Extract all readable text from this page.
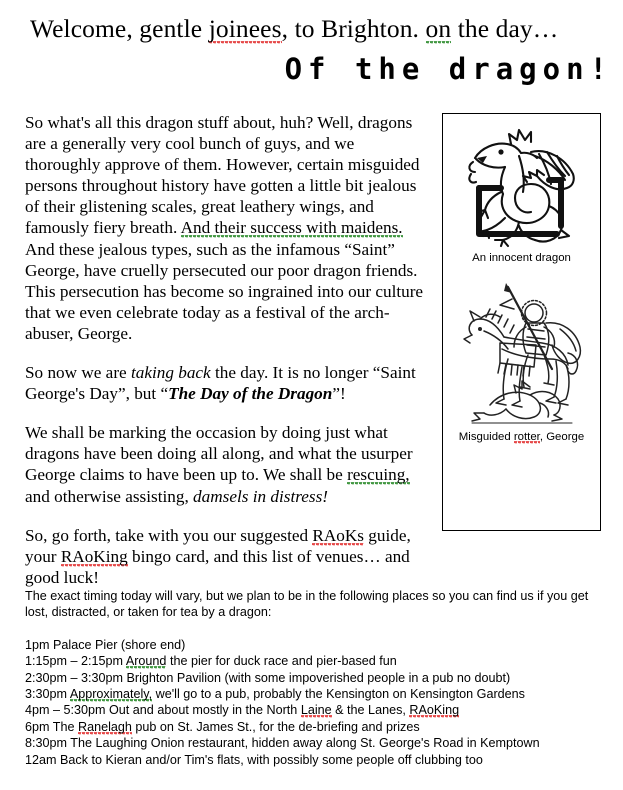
Welcome, gentle joinees, to Brighton. on the day…
Of the dragon!

So what's all this dragon stuff about, huh? Well, dragons are a generally very cool bunch of guys, and we thoroughly approve of them. However, certain misguided persons throughout history have gotten a little bit jealous of their glistening scales, great leathery wings, and famously fiery breath. And their success with maidens. And these jealous types, such as the infamous “Saint” George, have cruelly persecuted our poor dragon friends. This persecution has become so ingrained into our culture that we even celebrate today as a festival of the arch-abuser, George.

So now we are taking back the day. It is no longer “Saint George's Day”, but “The Day of the Dragon”!

We shall be marking the occasion by doing just what dragons have been doing all along, and what the usurper George claims to have been up to. We shall be rescuing, and otherwise assisting, damsels in distress!

So, go forth, take with you our suggested RAoKs guide, your RAoKing bingo card, and this list of venues… and good luck!

An innocent dragon
Misguided rotter, George

The exact timing today will vary, but we plan to be in the following places so you can find us if you get lost, distracted, or taken for tea by a dragon:

1pm Palace Pier (shore end)
1:15pm – 2:15pm Around the pier for duck race and pier-based fun
2:30pm – 3:30pm Brighton Pavilion (with some impoverished people in a pub no doubt)
3:30pm Approximately, we'll go to a pub, probably the Kensington on Kensington Gardens
4pm – 5:30pm Out and about mostly in the North Laine & the Lanes, RAoKing
6pm The Ranelagh pub on St. James St., for the de-briefing and prizes
8:30pm The Laughing Onion restaurant, hidden away along St. George's Road in Kemptown
12am Back to Kieran and/or Tim's flats, with possibly some people off clubbing too
